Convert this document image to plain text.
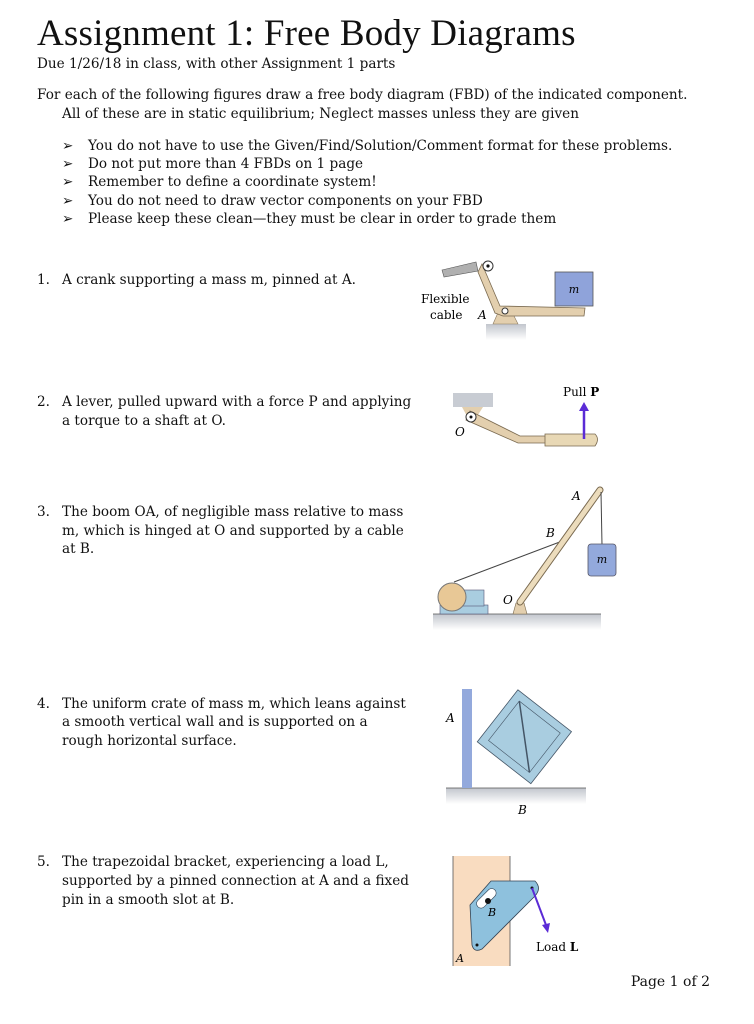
Assignment 1: Free Body Diagrams
Due 1/26/18 in class, with other Assignment 1 parts
For each of the following figures draw a free body diagram (FBD) of the indicated component.
All of these are in static equilibrium; Neglect masses unless they are given
➢ You do not have to use the Given/Find/Solution/Comment format for these problems.
➢ Do not put more than 4 FBDs on 1 page
➢ Remember to define a coordinate system!
➢ You do not need to draw vector components on your FBD
➢ Please keep these clean—they must be clear in order to grade them
1. A crank supporting a mass m, pinned at A.
2. A lever, pulled upward with a force P and applying
a torque to a shaft at O.
3. The boom OA, of negligible mass relative to mass
m, which is hinged at O and supported by a cable
at B.
4. The uniform crate of mass m, which leans against
a smooth vertical wall and is supported on a
rough horizontal surface.
5. The trapezoidal bracket, experiencing a load L,
supported by a pinned connection at A and a fixed
pin in a smooth slot at B.
m
Flexible
cable A
Pull P
O
m
A
B
O
A
B
Load L
A
B
Page 1 of 2
